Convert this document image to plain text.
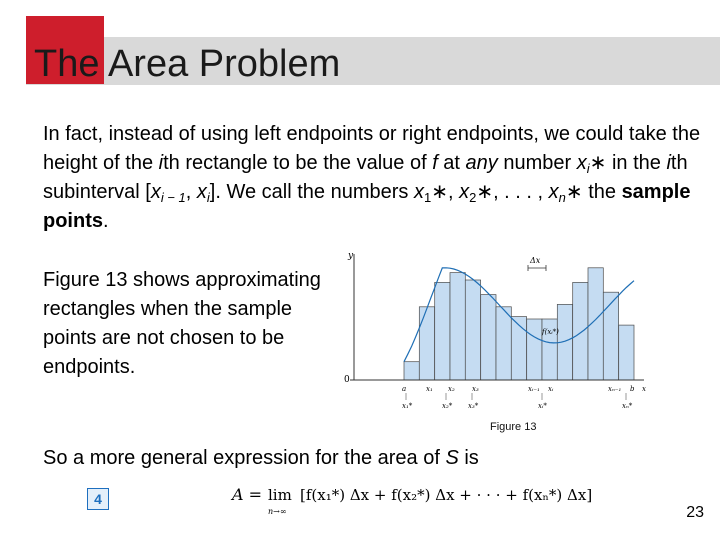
The Area Problem
In fact, instead of using left endpoints or right endpoints, we could take the height of the ith rectangle to be the value of f at any number $x_i∗$ in the ith subinterval [$x_{i - 1}$, $x_i$]. We call the numbers $x_1∗$, $x_2∗$, . . . , $x_n∗$ the sample points.
Figure 13 shows approximating rectangles when the sample points are not chosen to be endpoints.
y
0
Δx
f(xᵢ*)
a	x₁ x₂ x₃	xᵢ₋₁ xᵢ	xₙ₋₁ b x
x₁*	x₂* x₃*	xᵢ*	xₙ*
Figure 13
So a more general expression for the area of S is
4	A = lim
n→∞
[f(x₁*) Δx + f(x₂*) Δx + · · · + f(xₙ*) Δx]
23
